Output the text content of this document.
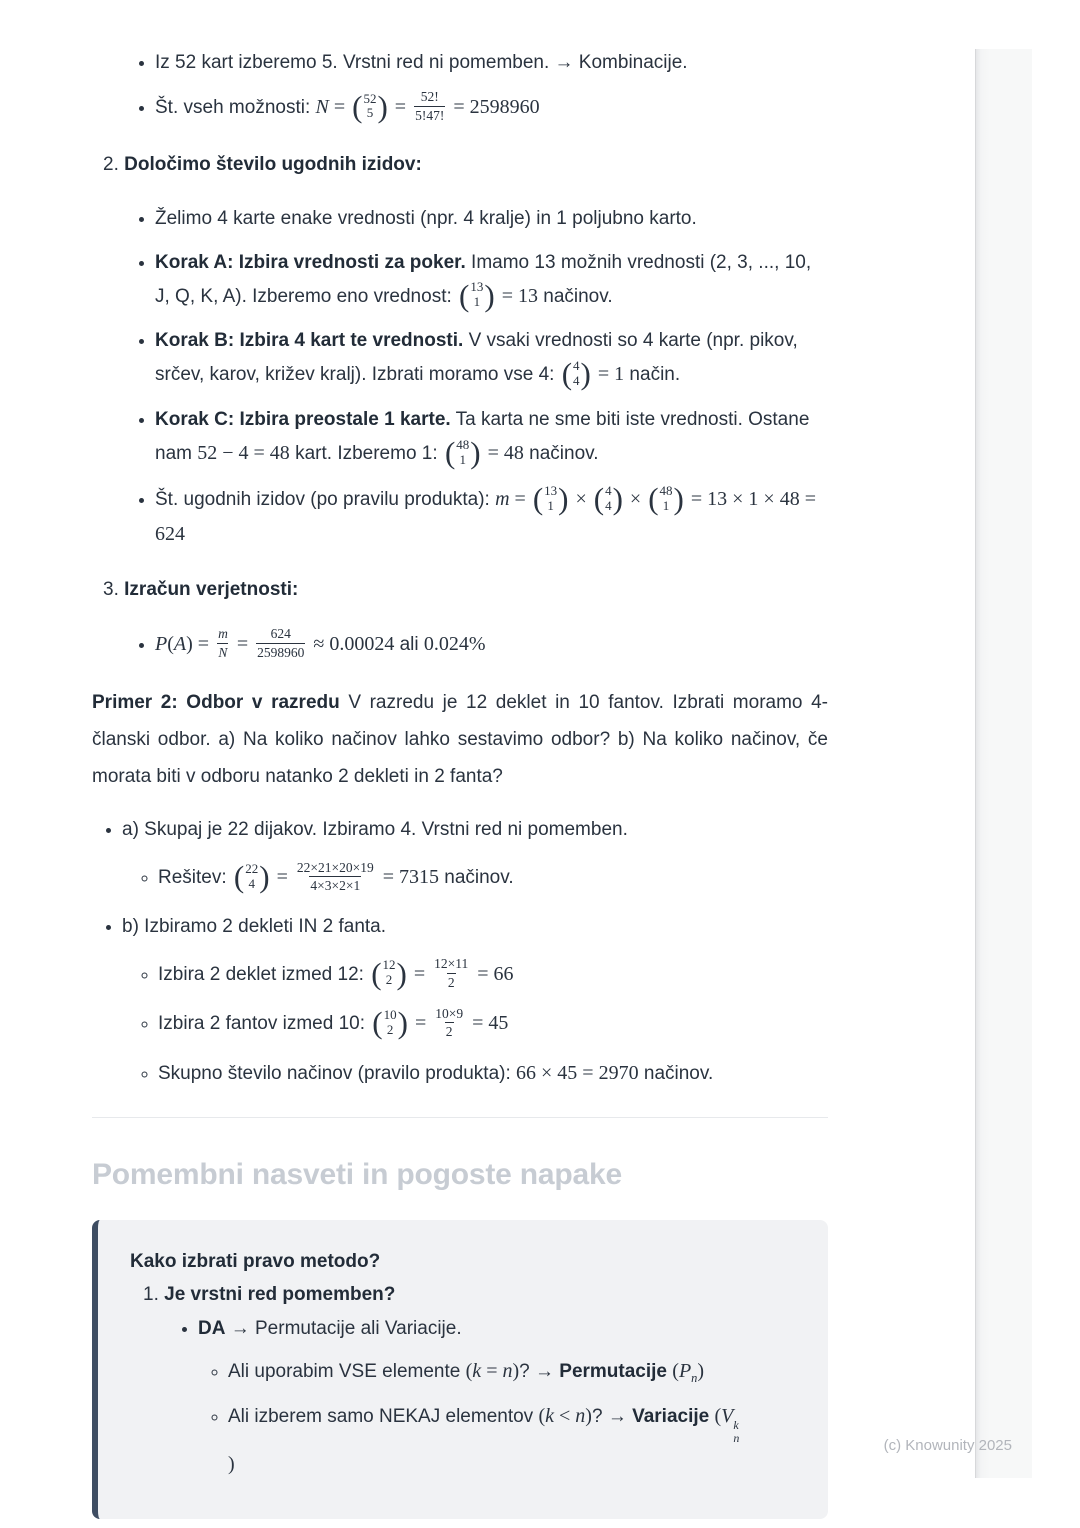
• Iz 52 kart izberemo 5. Vrstni red ni pomemben. → Kombinacije.
• Št. vseh možnosti: N = ( 52
5 ) = $\frac{52!}{5!47!} = 2598960$
2. Določimo število ugodnih izidov:
• Želimo 4 karte enake vrednosti (npr. 4 kralje) in 1 poljubno karto.
• Korak A: Izbira vrednosti za poker. Imamo 13 možnih vrednosti (2, 3, ..., 10, J, Q, K, A). Izberemo eno vrednost: ( 13
1 ) = 13 načinov.
• Korak B: Izbira 4 kart te vrednosti. V vsaki vrednosti so 4 karte (npr. pikov, srčev, karov, križev kralj). Izbrati moramo vse 4: ( 4
4 ) = 1 način.
• Korak C: Izbira preostale 1 karte. Ta karta ne sme biti iste vrednosti. Ostane nam 52 − 4 = 48 kart. Izberemo 1: ( 48
1 ) = 48 načinov.
• Št. ugodnih izidov (po pravilu produkta): m = ( 13
1 ) × ( 4
4 ) × ( 48
1 ) = 13 × 1 × 48 = 624
3. Izračun verjetnosti:
• $P(A) = \frac{m}{N} = \frac{624}{2598960} \approx 0.00024$ ali 0.024%

Primer 2: Odbor v razredu V razredu je 12 deklet in 10 fantov. Izbrati moramo 4-članski odbor. a) Na koliko načinov lahko sestavimo odbor? b) Na koliko načinov, če morata biti v odboru natanko 2 dekleti in 2 fanta?

• a) Skupaj je 22 dijakov. Izbiramo 4. Vrstni red ni pomemben.
◦ Rešitev: ( 22
4 ) = $\frac{22\times 21\times 20\times 19}{4\times 3\times 2\times 1} = 7315$ načinov.
• b) Izbiramo 2 dekleti IN 2 fanta.
◦ Izbira 2 deklet izmed 12: ( 12
2 ) = $\frac{12\times 11}{2} = 66$
◦ Izbira 2 fantov izmed 10: ( 10
2 ) = $\frac{10\times 9}{2} = 45$
◦ Skupno število načinov (pravilo produkta): 66 × 45 = 2970 načinov.
Pomembni nasveti in pogoste napake
Kako izbrati pravo metodo?
1. Je vrstni red pomemben?
• DA → Permutacije ali Variacije.
◦ Ali uporabim VSE elemente (k = n)? → Permutacije $(P_n)$
◦ Ali izberem samo NEKAJ elementov (k < n)? → Variacije (V k
n
)
(c) Knowunity 2025
